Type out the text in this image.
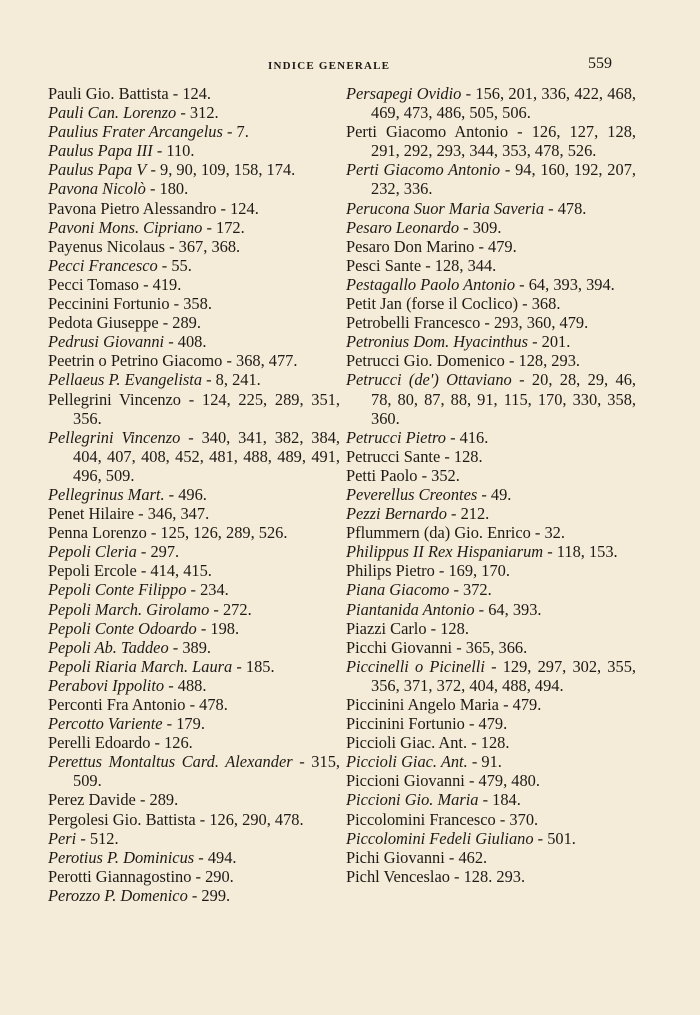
INDICE GENERALE	559
Pauli Gio. Battista - 124.
Pauli Can. Lorenzo - 312.
Paulius Frater Arcangelus - 7.
Paulus Papa III - 110.
Paulus Papa V - 9, 90, 109, 158, 174.
Pavona Nicolò - 180.
Pavona Pietro Alessandro - 124.
Pavoni Mons. Cipriano - 172.
Payenus Nicolaus - 367, 368.
Pecci Francesco - 55.
Pecci Tomaso - 419.
Peccinini Fortunio - 358.
Pedota Giuseppe - 289.
Pedrusi Giovanni - 408.
Peetrin o Petrino Giacomo - 368, 477.
Pellaeus P. Evangelista - 8, 241.
Pellegrini Vincenzo - 124, 225, 289, 351, 356.
Pellegrini Vincenzo - 340, 341, 382, 384, 404, 407, 408, 452, 481, 488, 489, 491, 496, 509.
Pellegrinus Mart. - 496.
Penet Hilaire - 346, 347.
Penna Lorenzo - 125, 126, 289, 526.
Pepoli Cleria - 297.
Pepoli Ercole - 414, 415.
Pepoli Conte Filippo - 234.
Pepoli March. Girolamo - 272.
Pepoli Conte Odoardo - 198.
Pepoli Ab. Taddeo - 389.
Pepoli Riaria March. Laura - 185.
Perabovi Ippolito - 488.
Perconti Fra Antonio - 478.
Percotto Variente - 179.
Perelli Edoardo - 126.
Perettus Montaltus Card. Alexander - 315, 509.
Perez Davide - 289.
Pergolesi Gio. Battista - 126, 290, 478.
Peri - 512.
Perotius P. Dominicus - 494.
Perotti Giannagostino - 290.
Perozzo P. Domenico - 299.
Persapegi Ovidio - 156, 201, 336, 422, 468, 469, 473, 486, 505, 506.
Perti Giacomo Antonio - 126, 127, 128, 291, 292, 293, 344, 353, 478, 526.
Perti Giacomo Antonio - 94, 160, 192, 207, 232, 336.
Perucona Suor Maria Saveria - 478.
Pesaro Leonardo - 309.
Pesaro Don Marino - 479.
Pesci Sante - 128, 344.
Pestagallo Paolo Antonio - 64, 393, 394.
Petit Jan (forse il Coclico) - 368.
Petrobelli Francesco - 293, 360, 479.
Petronius Dom. Hyacinthus - 201.
Petrucci Gio. Domenico - 128, 293.
Petrucci (de') Ottaviano - 20, 28, 29, 46, 78, 80, 87, 88, 91, 115, 170, 330, 358, 360.
Petrucci Pietro - 416.
Petrucci Sante - 128.
Petti Paolo - 352.
Peverellus Creontes - 49.
Pezzi Bernardo - 212.
Pflummern (da) Gio. Enrico - 32.
Philippus II Rex Hispaniarum - 118, 153.
Philips Pietro - 169, 170.
Piana Giacomo - 372.
Piantanida Antonio - 64, 393.
Piazzi Carlo - 128.
Picchi Giovanni - 365, 366.
Piccinelli o Picinelli - 129, 297, 302, 355, 356, 371, 372, 404, 488, 494.
Piccinini Angelo Maria - 479.
Piccinini Fortunio - 479.
Piccioli Giac. Ant. - 128.
Piccioli Giac. Ant. - 91.
Piccioni Giovanni - 479, 480.
Piccioni Gio. Maria - 184.
Piccolomini Francesco - 370.
Piccolomini Fedeli Giuliano - 501.
Pichi Giovanni - 462.
Pichl Venceslao - 128. 293.
